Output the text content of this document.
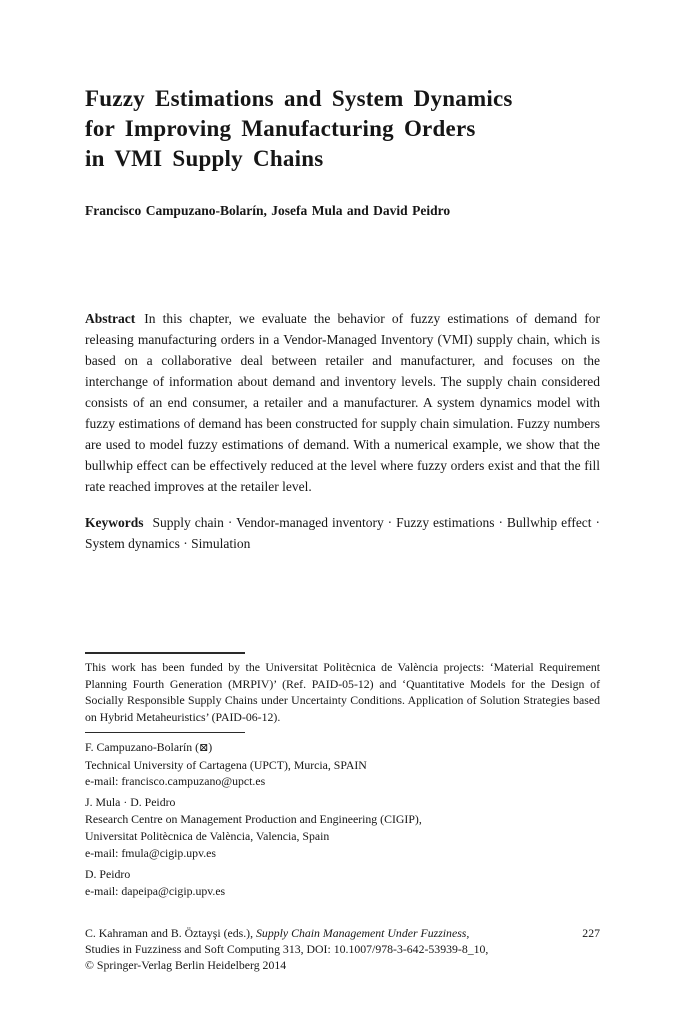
Fuzzy Estimations and System Dynamics
for Improving Manufacturing Orders
in VMI Supply Chains
Francisco Campuzano-Bolarín, Josefa Mula and David Peidro
Abstract In this chapter, we evaluate the behavior of fuzzy estimations of demand for releasing manufacturing orders in a Vendor-Managed Inventory (VMI) supply chain, which is based on a collaborative deal between retailer and manufacturer, and focuses on the interchange of information about demand and inventory levels. The supply chain considered consists of an end consumer, a retailer and a manufacturer. A system dynamics model with fuzzy estimations of demand has been constructed for supply chain simulation. Fuzzy numbers are used to model fuzzy estimations of demand. With a numerical example, we show that the bullwhip effect can be effectively reduced at the level where fuzzy orders exist and that the fill rate reached improves at the retailer level.
Keywords Supply chain · Vendor-managed inventory · Fuzzy estimations · Bullwhip effect · System dynamics · Simulation
This work has been funded by the Universitat Politècnica de València projects: ‘Material Requirement Planning Fourth Generation (MRPIV)’ (Ref. PAID-05-12) and ‘Quantitative Models for the Design of Socially Responsible Supply Chains under Uncertainty Conditions. Application of Solution Strategies based on Hybrid Metaheuristics’ (PAID-06-12).
F. Campuzano-Bolarín (⊠)
Technical University of Cartagena (UPCT), Murcia, SPAIN
e-mail: francisco.campuzano@upct.es
J. Mula · D. Peidro
Research Centre on Management Production and Engineering (CIGIP),
Universitat Politècnica de València, Valencia, Spain
e-mail: fmula@cigip.upv.es
D. Peidro
e-mail: dapeipa@cigip.upv.es
C. Kahraman and B. Öztayşi (eds.), Supply Chain Management Under Fuzziness,	227
Studies in Fuzziness and Soft Computing 313, DOI: 10.1007/978-3-642-53939-8_10,
© Springer-Verlag Berlin Heidelberg 2014
